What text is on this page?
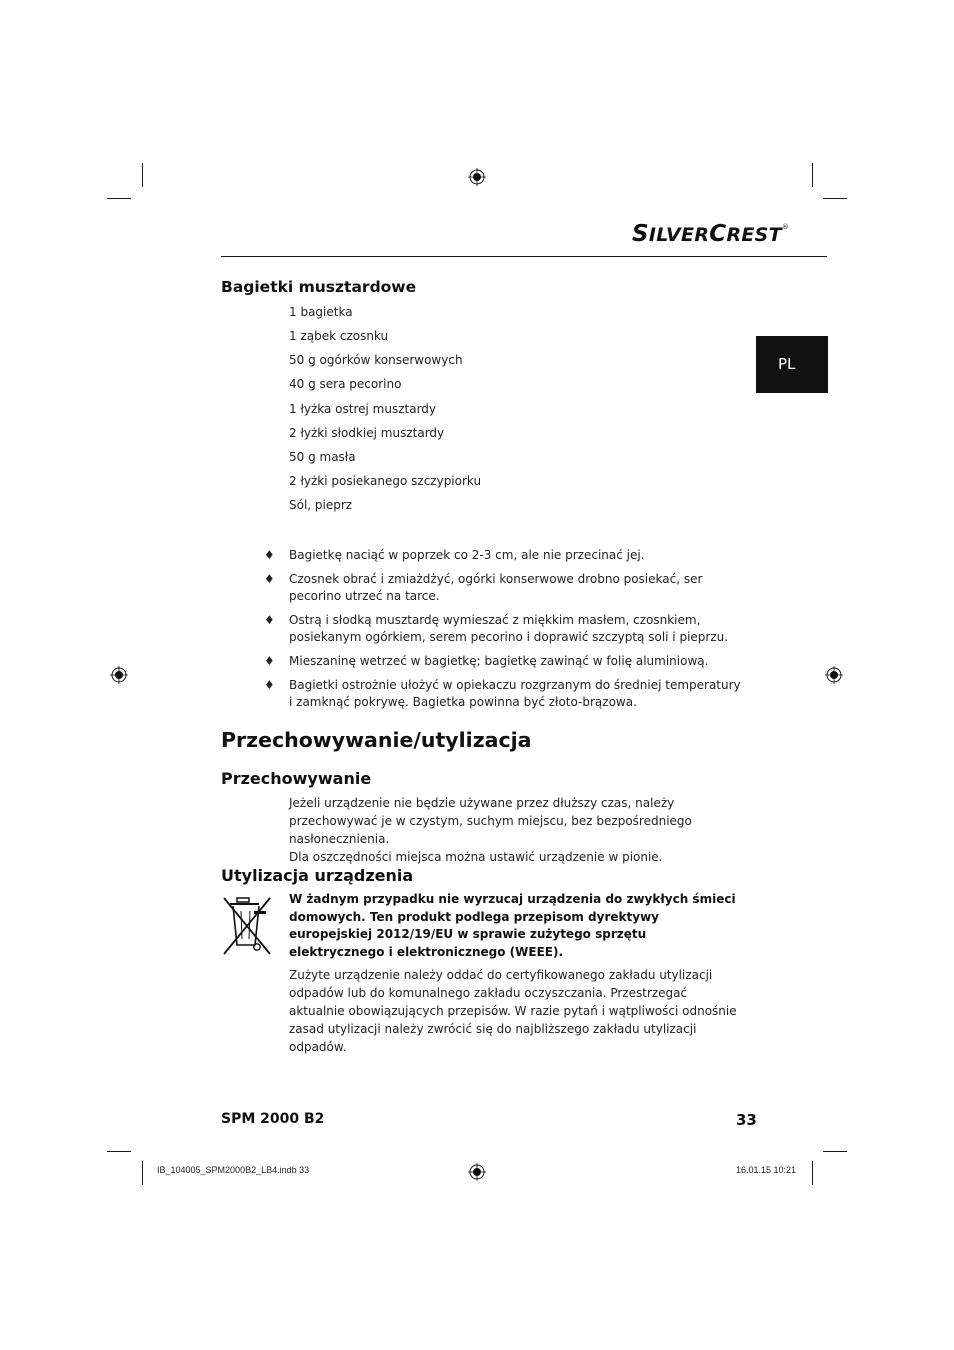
SILVERCREST®
PL
Bagietki musztardowe
1 bagietka
1 ząbek czosnku
50 g ogórków konserwowych
40 g sera pecorino
1 łyżka ostrej musztardy
2 łyżki słodkiej musztardy
50 g masła
2 łyżki posiekanego szczypiorku
Sól, pieprz
♦ Bagietkę naciąć w poprzek co 2-3 cm, ale nie przecinać jej.
♦ Czosnek obrać i zmiażdżyć, ogórki konserwowe drobno posiekać, ser pecorino utrzeć na tarce.
♦ Ostrą i słodką musztardę wymieszać z miękkim masłem, czosnkiem, posiekanym ogórkiem, serem pecorino i doprawić szczyptą soli i pieprzu.
♦ Mieszaninę wetrzeć w bagietkę; bagietkę zawinąć w folię aluminiową.
♦ Bagietki ostrożnie ułożyć w opiekaczu rozgrzanym do średniej temperatury i zamknąć pokrywę. Bagietka powinna być złoto-brązowa.
Przechowywanie/utylizacja
Przechowywanie

Jeżeli urządzenie nie będzie używane przez dłuższy czas, należy przechowywać je w czystym, suchym miejscu, bez bezpośredniego nasłonecznienia.

Dla oszczędności miejsca można ustawić urządzenie w pionie.

Utylizacja urządzenia
W żadnym przypadku nie wyrzucaj urządzenia do zwykłych śmieci domowych. Ten produkt podlega przepisom dyrektywy europejskiej 2012/19/EU w sprawie zużytego sprzętu elektrycznego i elektronicznego (WEEE).
Zużyte urządzenie należy oddać do certyfikowanego zakładu utylizacji odpadów lub do komunalnego zakładu oczyszczania. Przestrzegać aktualnie obowiązujących przepisów. W razie pytań i wątpliwości odnośnie zasad utylizacji należy zwrócić się do najbliższego zakładu utylizacji odpadów.
SPM 2000 B2	33
IB_104005_SPM2000B2_LB4.indb 33	16.01.15 10:21
